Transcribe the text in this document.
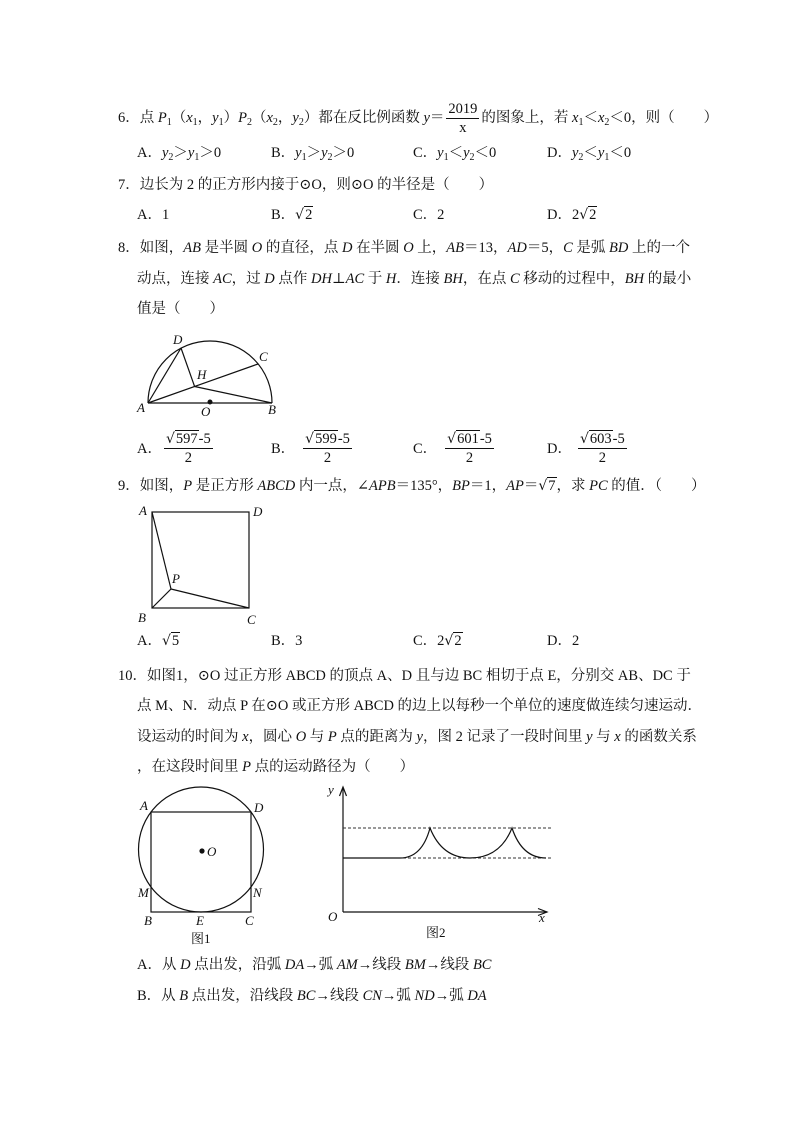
6．点 $P_1(x_1$，$y_1)P_2(x_2$，$y_2$）都在反比例函数 $y= \frac{2019}{x}$ 的图象上，若 $x_1<x_2<0$，则（　　）
A．$y_2>y_1>0$	B．$y_1>y_2>0$	C．$y_1<y_2<0$	D．$y_2<y_1<0$
7．边长为 2 的正方形内接于⊙O，则⊙O 的半径是（　　）
A．1	B．√2	C．2	D．2√2
8．如图，AB 是半圆 O 的直径，点 D 在半圆 O 上，AB＝13，AD＝5，C 是弧 BD 上的一个
动点，连接 AC，过 D 点作 DH⊥AC 于 H．连接 BH，在点 C 移动的过程中，BH 的最小
值是（　　）
D
C
H
A	B
O
A． $\frac{√597-5}{2}$	B． $\frac{√599-5}{2}$	C． $\frac{√601-5}{2}$	D． $\frac{√603-5}{2}$
9．如图，P 是正方形 ABCD 内一点，∠APB＝135°，BP＝1，AP＝√7，求 PC 的值．（　　）
A	D
P
B	C
A．√5	B．3	C．2√2	D．2
10．如图1，⊙O 过正方形 ABCD 的顶点 A、D 且与边 BC 相切于点 E，分别交 AB、DC 于
点 M、N．动点 P 在⊙O 或正方形 ABCD 的边上以每秒一个单位的速度做连续匀速运动．
设运动的时间为 x，圆心 O 与 P 点的距离为 y，图 2 记录了一段时间里 y 与 x 的函数关系
，在这段时间里 P 点的运动路径为（　　）
O
A	D
M	N
B	E	C
图1
y
O	x
图2
A．从 D 点出发，沿弧 DA→弧 AM→线段 BM→线段 BC
B．从 B 点出发，沿线段 BC→线段 CN→弧 ND→弧 DA
